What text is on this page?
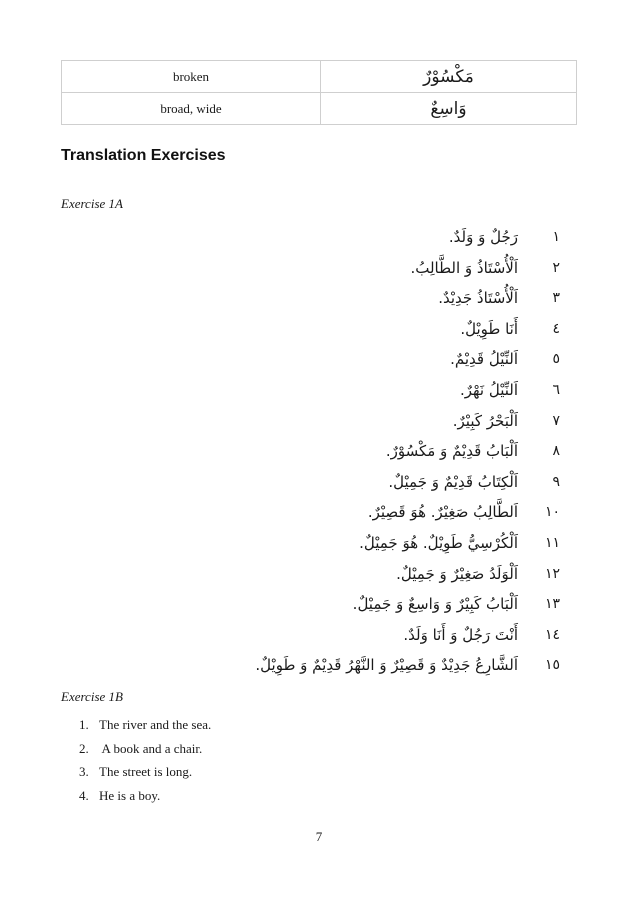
broken	مَكْسُوْرٌ
broad, wide	وَاسِعٌ
Translation Exercises

Exercise 1A

١
رَجُلٌ وَ وَلَدٌ.
٢
اَلْأُسْتَاذُ وَ الطَّالِبُ.
٣
اَلْأُسْتَاذُ جَدِيْدٌ.
٤
أَنَا طَوِيْلٌ.
٥
اَلنِّيْلُ قَدِيْمٌ.
٦
اَلنِّيْلُ نَهْرٌ.
٧
اَلْبَحْرُ كَبِيْرٌ.
٨
اَلْبَابُ قَدِيْمٌ وَ مَكْسُوْرٌ.
٩
اَلْكِتَابُ قَدِيْمٌ وَ جَمِيْلٌ.
١٠
اَلطَّالِبُ صَغِيْرٌ. هُوَ قَصِيْرٌ.
١١
اَلْكُرْسِيُّ طَوِيْلٌ. هُوَ جَمِيْلٌ.
١٢
اَلْوَلَدُ صَغِيْرٌ وَ جَمِيْلٌ.
١٣
اَلْبَابُ كَبِيْرٌ وَ وَاسِعٌ وَ جَمِيْلٌ.
١٤
أَنْتَ رَجُلٌ وَ أَنَا وَلَدٌ.
١٥
اَلشَّارِعُ جَدِيْدٌ وَ قَصِيْرٌ وَ النَّهْرُ قَدِيْمٌ وَ طَوِيْلٌ.

Exercise 1B

1. The river and the sea.
2. A book and a chair.
3. The street is long.
4. He is a boy.
7
